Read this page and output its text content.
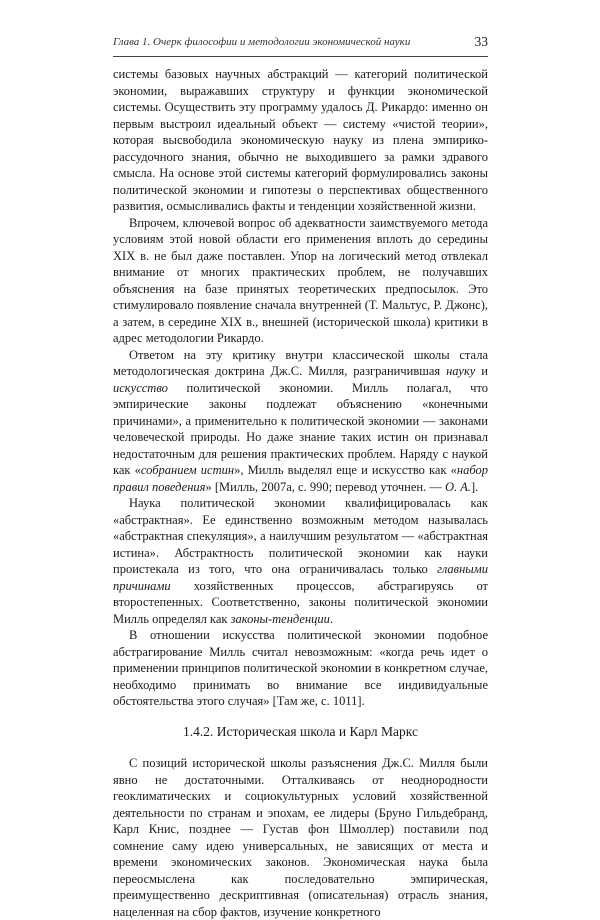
Глава 1. Очерк философии и методологии экономической науки	33

системы базовых научных абстракций — категорий политической экономии, выражавших структуру и функции экономической системы. Осуществить эту программу удалось Д. Рикардо: именно он первым выстроил идеальный объект — систему «чистой теории», которая высвободила экономическую науку из плена эмпирико-рассудочного знания, обычно не выходившего за рамки здравого смысла. На основе этой системы категорий формулировались законы политической экономии и гипотезы о перспективах общественного развития, осмысливались факты и тенденции хозяйственной жизни.

Впрочем, ключевой вопрос об адекватности заимствуемого метода условиям этой новой области его применения вплоть до середины XIX в. не был даже поставлен. Упор на логический метод отвлекал внимание от многих практических проблем, не получавших объяснения на базе принятых теоретических предпосылок. Это стимулировало появление сначала внутренней (Т. Мальтус, Р. Джонс), а затем, в середине XIX в., внешней (исторической школа) критики в адрес методологии Рикардо.

Ответом на эту критику внутри классической школы стала методологическая доктрина Дж.С. Милля, разграничившая науку и искусство политической экономии. Милль полагал, что эмпирические законы подлежат объяснению «конечными причинами», а применительно к политической экономии — законами человеческой природы. Но даже знание таких истин он признавал недостаточным для решения практических проблем. Наряду с наукой как «собранием истин», Милль выделял еще и искусство как «набор правил поведения» [Милль, 2007а, с. 990; перевод уточнен. — О. А.].

Наука политической экономии квалифицировалась как «абстрактная». Ее единственно возможным методом называлась «абстрактная спекуляция», а наилучшим результатом — «абстрактная истина». Абстрактность политической экономии как науки проистекала из того, что она ограничивалась только главными причинами хозяйственных процессов, абстрагируясь от второстепенных. Соответственно, законы политической экономии Милль определял как законы-тенденции.

В отношении искусства политической экономии подобное абстрагирование Милль считал невозможным: «когда речь идет о применении принципов политической экономии в конкретном случае, необходимо принимать во внимание все индивидуальные обстоятельства этого случая» [Там же, с. 1011].

1.4.2. Историческая школа и Карл Маркс

С позиций исторической школы разъяснения Дж.С. Милля были явно не достаточными. Отталкиваясь от неоднородности геоклиматических и социокультурных условий хозяйственной деятельности по странам и эпохам, ее лидеры (Бруно Гильдебранд, Карл Книс, позднее — Густав фон Шмоллер) поставили под сомнение саму идею универсальных, не зависящих от места и времени экономических законов. Экономическая наука была переосмыслена как последовательно эмпирическая, преимущественно дескриптивная (описательная) отрасль знания, нацеленная на сбор фактов, изучение конкретного
